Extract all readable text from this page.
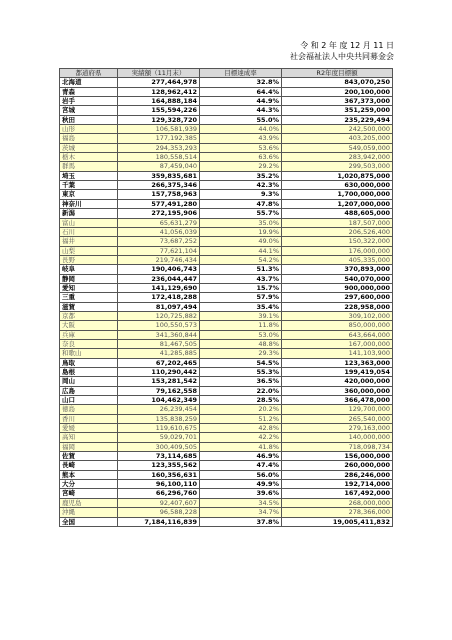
令 和 2 年 度 12 月 11 日
社会福祉法人中央共同募金会
都道府県	実績額（11月末）	目標達成率	R2年度目標額
北海道	277,464,978	32.8%	843,070,250
青森	128,962,412	64.4%	200,100,000
岩手	164,888,184	44.9%	367,373,000
宮城	155,594,226	44.3%	351,259,000
秋田	129,328,720	55.0%	235,229,494
山形	106,581,939	44.0%	242,500,000
福島	177,192,385	43.9%	403,205,000
茨城	294,353,293	53.6%	549,059,000
栃木	180,558,514	63.6%	283,942,000
群馬	87,459,040	29.2%	299,503,000
埼玉	359,835,681	35.2%	1,020,875,000
千葉	266,375,346	42.3%	630,000,000
東京	157,758,963	9.3%	1,700,000,000
神奈川	577,491,280	47.8%	1,207,000,000
新潟	272,195,906	55.7%	488,605,000
富山	65,631,279	35.0%	187,507,000
石川	41,056,039	19.9%	206,526,400
福井	73,687,252	49.0%	150,322,000
山梨	77,621,104	44.1%	176,000,000
長野	219,746,434	54.2%	405,335,000
岐阜	190,406,743	51.3%	370,893,000
静岡	236,044,447	43.7%	540,070,000
愛知	141,129,690	15.7%	900,000,000
三重	172,418,288	57.9%	297,600,000
滋賀	81,097,494	35.4%	228,958,000
京都	120,725,882	39.1%	309,102,000
大阪	100,550,573	11.8%	850,000,000
兵庫	341,360,844	53.0%	643,664,000
奈良	81,467,505	48.8%	167,000,000
和歌山	41,285,885	29.3%	141,103,900
鳥取	67,202,465	54.5%	123,363,000
島根	110,290,442	55.3%	199,419,054
岡山	153,281,542	36.5%	420,000,000
広島	79,162,558	22.0%	360,000,000
山口	104,462,349	28.5%	366,478,000
徳島	26,239,454	20.2%	129,700,000
香川	135,838,259	51.2%	265,540,000
愛媛	119,610,675	42.8%	279,163,000
高知	59,029,701	42.2%	140,000,000
福岡	300,409,505	41.8%	718,098,734
佐賀	73,114,685	46.9%	156,000,000
長崎	123,355,562	47.4%	260,000,000
熊本	160,356,631	56.0%	286,246,000
大分	96,100,110	49.9%	192,714,000
宮崎	66,296,760	39.6%	167,492,000
鹿児島	92,407,607	34.5%	268,000,000
沖縄	96,588,228	34.7%	278,366,000
全国	7,184,116,839	37.8%	19,005,411,832
